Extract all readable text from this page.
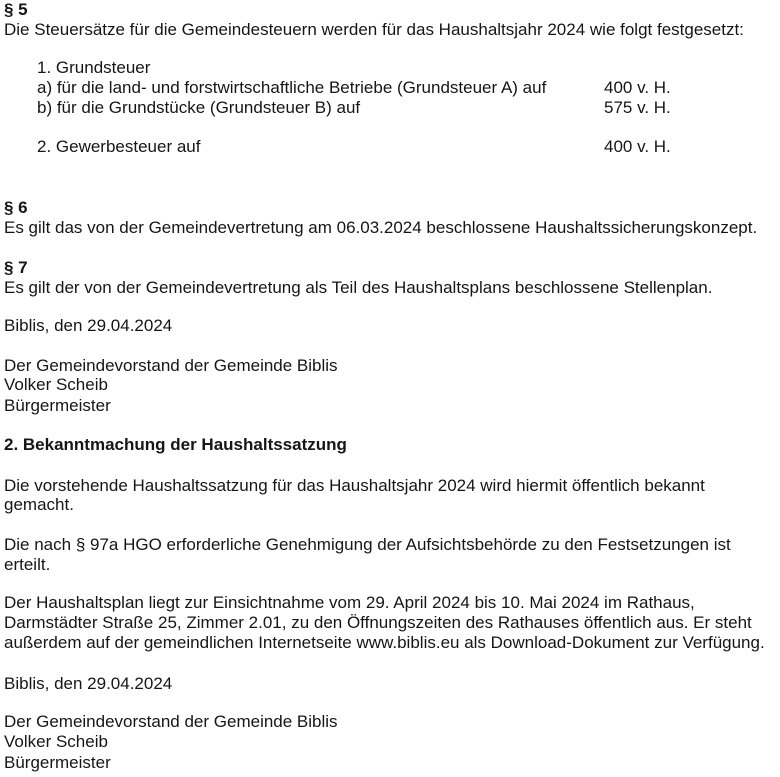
§ 5
Die Steuersätze für die Gemeindesteuern werden für das Haushaltsjahr 2024 wie folgt festgesetzt:
1. Grundsteuer
a) für die land- und forstwirtschaftliche Betriebe (Grundsteuer A) auf	400 v. H.
b) für die Grundstücke (Grundsteuer B) auf	575 v. H.
2. Gewerbesteuer auf	400 v. H.
§ 6
Es gilt das von der Gemeindevertretung am 06.03.2024 beschlossene Haushaltssicherungskonzept.
§ 7
Es gilt der von der Gemeindevertretung als Teil des Haushaltsplans beschlossene Stellenplan.
Biblis, den 29.04.2024
Der Gemeindevorstand der Gemeinde Biblis
Volker Scheib
Bürgermeister
2. Bekanntmachung der Haushaltssatzung
Die vorstehende Haushaltssatzung für das Haushaltsjahr 2024 wird hiermit öffentlich bekannt
gemacht.
Die nach § 97a HGO erforderliche Genehmigung der Aufsichtsbehörde zu den Festsetzungen ist
erteilt.
Der Haushaltsplan liegt zur Einsichtnahme vom 29. April 2024 bis 10. Mai 2024 im Rathaus,
Darmstädter Straße 25, Zimmer 2.01, zu den Öffnungszeiten des Rathauses öffentlich aus. Er steht
außerdem auf der gemeindlichen Internetseite www.biblis.eu als Download-Dokument zur Verfügung.
Biblis, den 29.04.2024
Der Gemeindevorstand der Gemeinde Biblis
Volker Scheib
Bürgermeister
